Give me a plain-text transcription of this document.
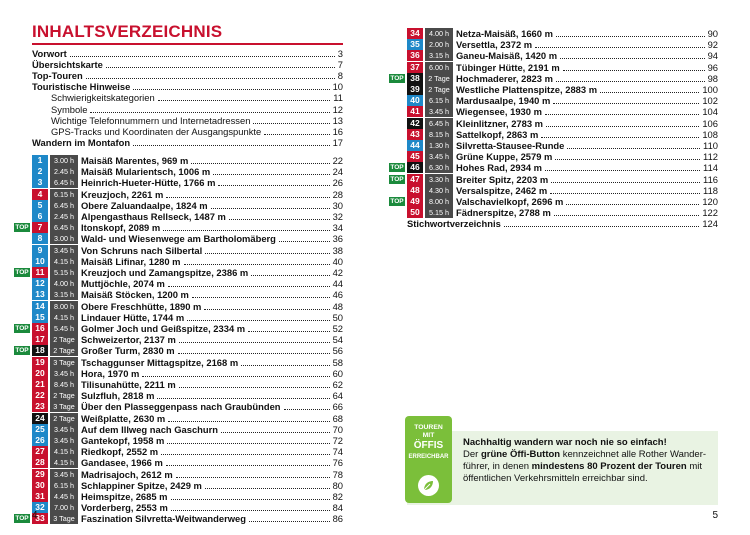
INHALTSVERZEICHNIS
Vorwort	3
Übersichtskarte	7
Top-Touren	8
Touristische Hinweise	10
Schwierigkeitskategorien	11
Symbole	12
Wichtige Telefonnummern und Internetadressen	13
GPS-Tracks und Koordinaten der Ausgangspunkte	16
Wandern im Montafon	17
1	3.00 h Maisäß Marentes, 969 m	22
2	2.45 h Maisäß Mularientsch, 1006 m	24
3	6.45 h Heinrich-Hueter-Hütte, 1766 m	26
4	6.15 h Kreuzjoch, 2261 m	28
5	6.45 h Obere Zaluandaalpe, 1824 m	30
6	2.45 h Alpengasthaus Rellseck, 1487 m	32
TOP	7	6.45 h Itonskopf, 2089 m	34
8	3.00 h Wald- und Wiesenwege am Bartholomäberg	36
9	3.45 h Von Schruns nach Silbertal	38
10	4.15 h Maisäß Lifinar, 1280 m	40
TOP 11	5.15 h Kreuzjoch und Zamangspitze, 2386 m	42
12	4.00 h Muttjöchle, 2074 m	44
13	3.15 h Maisäß Stöcken, 1200 m	46
14	8.00 h Obere Freschhütte, 1890 m	48
15	4.15 h Lindauer Hütte, 1744 m	50
TOP 16	5.45 h Golmer Joch und Geißspitze, 2334 m	52
17	2 Tage Schweizertor, 2137 m	54
TOP 18	2 Tage Großer Turm, 2830 m	56
19	3 Tage Tschaggunser Mittagspitze, 2168 m	58
20	3.45 h Hora, 1970 m	60
21	8.45 h Tilisunahütte, 2211 m	62
22	2 Tage Sulzfluh, 2818 m	64
23	3 Tage Über den Plasseggenpass nach Graubünden	66
24	2 Tage Weißplatte, 2630 m	68
25	3.45 h Auf dem Illweg nach Gaschurn	70
26	3.45 h Gantekopf, 1958 m	72
27	4.15 h Riedkopf, 2552 m	74
28	4.15 h Gandasee, 1966 m	76
29	3.45 h Madrisajoch, 2612 m	78
30	6.15 h Schlappiner Spitze, 2429 m	80
31	4.45 h Heimspitze, 2685 m	82
32	7.00 h Vorderberg, 2553 m	84
TOP 33	3 Tage Faszination Silvretta-Weitwanderweg	86
4
34	4.00 h Netza-Maisäß, 1660 m	90
35	2.00 h Versettla, 2372 m	92
36	3.15 h Ganeu-Maisäß, 1420 m	94
37	6.00 h Tübinger Hütte, 2191 m	96
TOP 38	2 Tage Hochmaderer, 2823 m	98
39	2 Tage Westliche Plattenspitze, 2883 m	100
40	6.15 h Mardusaalpe, 1940 m	102
41	3.45 h Wiegensee, 1930 m	104
42	6.45 h Kleinlitzner, 2783 m	106
43	8.15 h Sattelkopf, 2863 m	108
44	1.30 h Silvretta-Stausee-Runde	110
45	3.45 h Grüne Kuppe, 2579 m	112
TOP 46	6.30 h Hohes Rad, 2934 m	114
TOP 47	3.30 h Breiter Spitz, 2203 m	116
48	4.30 h Versalspitze, 2462 m	118
TOP 49	8.00 h Valschavielkopf, 2696 m	120
50	5.15 h Fädnerspitze, 2788 m	122
Stichwortverzeichnis	124
TOUREN
MIT
ÖFFIS
ERREICHBAR
Nachhaltig wandern war noch nie so einfach!
Der grüne Öffi-Button kennzeichnet alle Rother Wander-führer, in denen mindestens 80 Prozent der Touren mit öffentlichen Verkehrsmitteln erreichbar sind.
5
